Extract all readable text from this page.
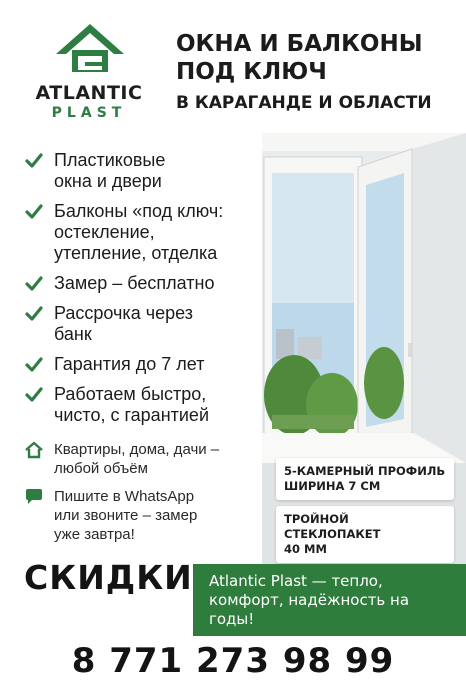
ATLANTIC
PLAST
ОКНА И БАЛКОНЫ
ПОД КЛЮЧ
В КАРАГАНДЕ И ОБЛАСТИ
Пластиковые
окна и двери
Балконы «под ключ:
остекление,
утепление, отделка
Замер – бесплатно
Рассрочка через
банк
Гарантия до 7 лет
Работаем быстро,
чисто, с гарантией
Квартиры, дома, дачи –
любой объём
Пишите в WhatsApp
или звоните – замер
уже завтра!
5-КАМЕРНЫЙ ПРОФИЛЬ
ШИРИНА 7 СМ
ТРОЙНОЙ СТЕКЛОПАКЕТ
40 ММ
СКИДКИ Atlantic Plast — тепло,
комфорт, надёжность на
годы!
8 771 273 98 99
